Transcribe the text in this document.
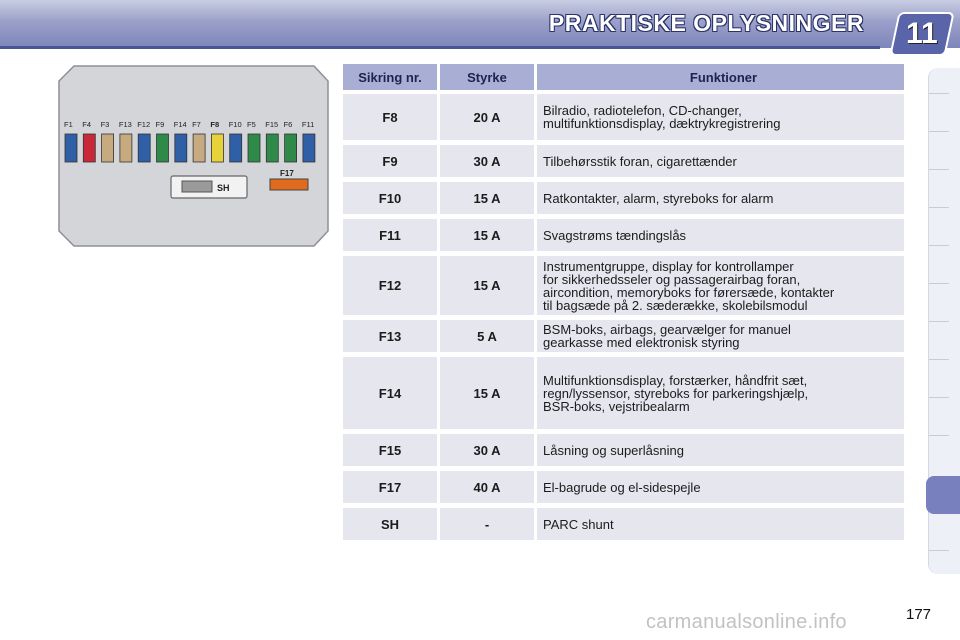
PRAKTISKE OPLYSNINGER 11
F1 F4 F3 F13 F12 F9 F14 F7 F8 F10 F5 F15 F6 F11
SH
F17
Sikring nr.	Styrke	Funktioner
F8	20 A	Bilradio, radiotelefon, CD-changer,
multifunktionsdisplay, dæktrykregistrering
F9	30 A	Tilbehørsstik foran, cigarettænder
F10	15 A	Ratkontakter, alarm, styreboks for alarm
F11	15 A	Svagstrøms tændingslås
F12	15 A
Instrumentgruppe, display for kontrollamper
for sikkerhedsseler og passagerairbag foran,
aircondition, memoryboks for førersæde, kontakter
til bagsæde på 2. sæderække, skolebilsmodul
F13	5 A	BSM-boks, airbags, gearvælger for manuel
gearkasse med elektronisk styring
F14	15 A
Multifunktionsdisplay, forstærker, håndfrit sæt,
regn/lyssensor, styreboks for parkeringshjælp,
BSR-boks, vejstribealarm
F15	30 A	Låsning og superlåsning
F17	40 A	El-bagrude og el-sidespejle
SH	-	PARC shunt
177
carmanualsonline.info
